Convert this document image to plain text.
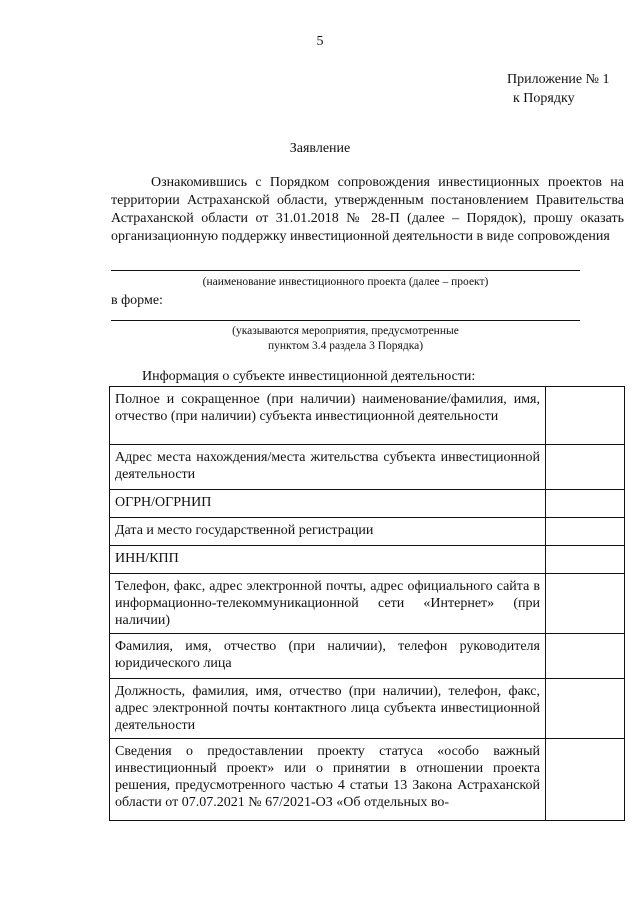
5
Приложение № 1
к Порядку
Заявление

Ознакомившись с Порядком сопровождения инвестиционных проектов на территории Астраханской области, утвержденным постановлением Правительства Астраханской области от 31.01.2018 № 28-П (далее – Порядок), прошу оказать организационную поддержку инвестиционной деятельности в виде сопровождения

(наименование инвестиционного проекта (далее – проект)
в форме:
(указываются мероприятия, предусмотренные
пунктом 3.4 раздела 3 Порядка)
Информация о субъекте инвестиционной деятельности:
Полное и сокращенное (при наличии) наименование/фамилия, имя, отчество (при наличии) субъекта инвестиционной деятельности	
Адрес места нахождения/места жительства субъекта инвестиционной деятельности	
ОГРН/ОГРНИП	
Дата и место государственной регистрации	
ИНН/КПП	
Телефон, факс, адрес электронной почты, адрес официального сайта в информационно-телекоммуникационной сети «Интернет» (при наличии)	
Фамилия, имя, отчество (при наличии), телефон руководителя юридического лица	
Должность, фамилия, имя, отчество (при наличии), телефон, факс, адрес электронной почты контактного лица субъекта инвестиционной деятельности	
Сведения о предоставлении проекту статуса «особо важный инвестиционный проект» или о принятии в отношении проекта решения, предусмотренного частью 4 статьи 13 Закона Астраханской области от 07.07.2021 № 67/2021-ОЗ «Об отдельных во-	
